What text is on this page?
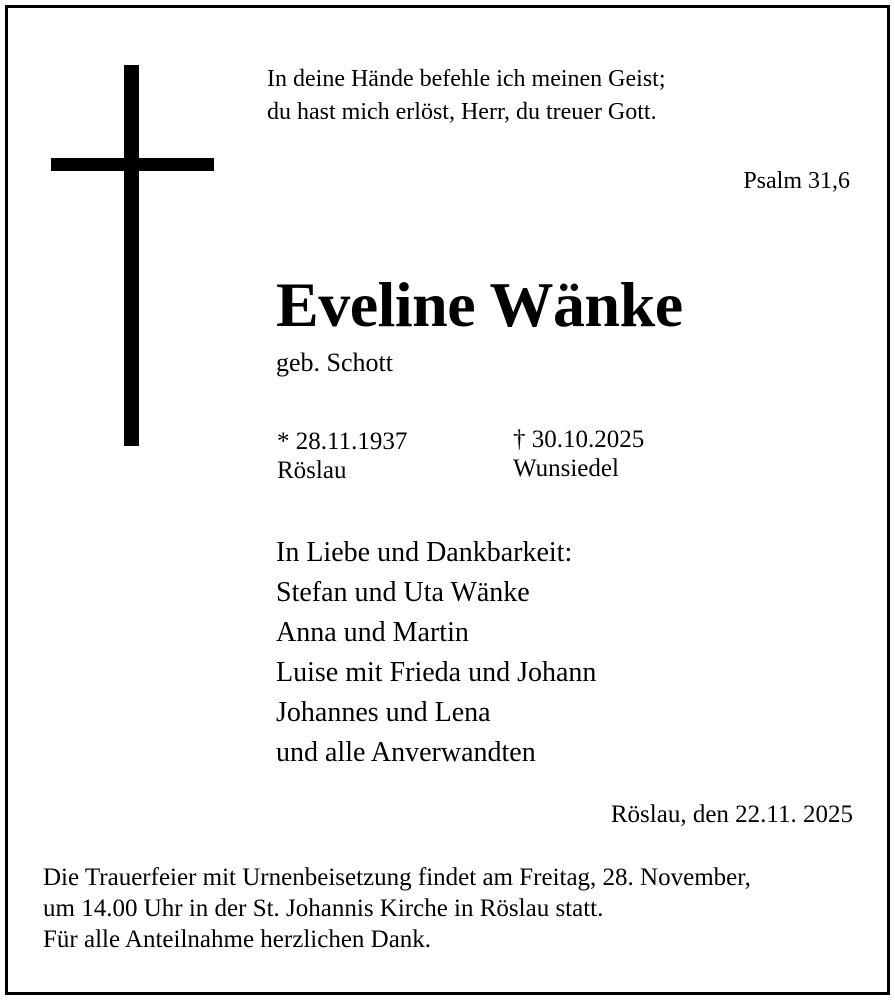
In deine Hände befehle ich meinen Geist;
du hast mich erlöst, Herr, du treuer Gott.
Psalm 31,6
Eveline Wänke
geb. Schott
* 28.11.1937
Röslau
† 30.10.2025
Wunsiedel
In Liebe und Dankbarkeit:
Stefan und Uta Wänke
Anna und Martin
Luise mit Frieda und Johann
Johannes und Lena
und alle Anverwandten
Röslau, den 22.11. 2025
Die Trauerfeier mit Urnenbeisetzung findet am Freitag, 28. November,
um 14.00 Uhr in der St. Johannis Kirche in Röslau statt.
Für alle Anteilnahme herzlichen Dank.
